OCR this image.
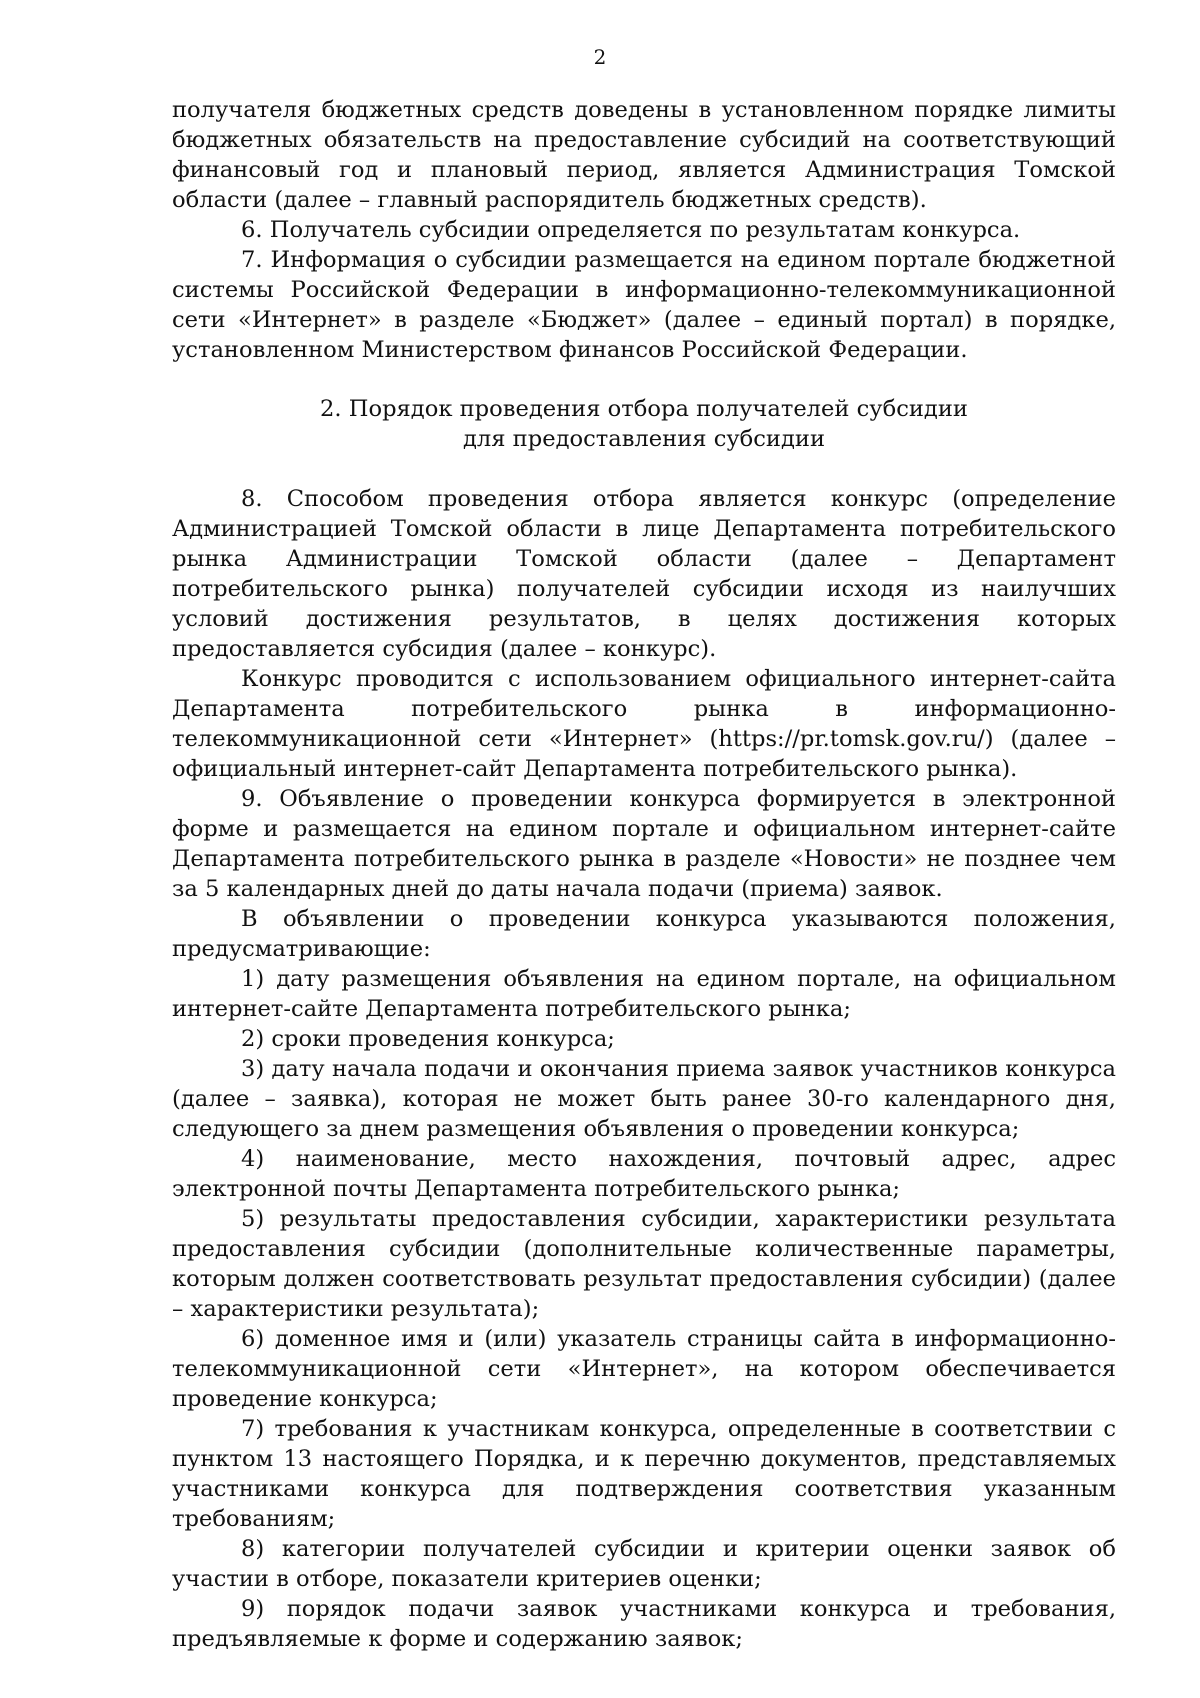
2

получателя бюджетных средств доведены в установленном порядке лимиты бюджетных обязательств на предоставление субсидий на соответствующий финансовый год и плановый период, является Администрация Томской области (далее – главный распорядитель бюджетных средств).

6. Получатель субсидии определяется по результатам конкурса.

7. Информация о субсидии размещается на едином портале бюджетной системы Российской Федерации в информационно-телекоммуникационной сети «Интернет» в разделе «Бюджет» (далее – единый портал) в порядке, установленном Министерством финансов Российской Федерации.

2. Порядок проведения отбора получателей субсидии
для предоставления субсидии

8. Способом проведения отбора является конкурс (определение Администрацией Томской области в лице Департамента потребительского рынка Администрации Томской области (далее – Департамент потребительского рынка) получателей субсидии исходя из наилучших условий достижения результатов, в целях достижения которых предоставляется субсидия (далее – конкурс).

Конкурс проводится с использованием официального интернет-сайта Департамента потребительского рынка в информационно-телекоммуникационной сети «Интернет» (https://pr.tomsk.gov.ru/) (далее – официальный интернет-сайт Департамента потребительского рынка).

9. Объявление о проведении конкурса формируется в электронной форме и размещается на едином портале и официальном интернет-сайте Департамента потребительского рынка в разделе «Новости» не позднее чем за 5 календарных дней до даты начала подачи (приема) заявок.

В объявлении о проведении конкурса указываются положения, предусматривающие:

1) дату размещения объявления на едином портале, на официальном интернет-сайте Департамента потребительского рынка;

2) сроки проведения конкурса;

3) дату начала подачи и окончания приема заявок участников конкурса (далее – заявка), которая не может быть ранее 30-го календарного дня, следующего за днем размещения объявления о проведении конкурса;

4) наименование, место нахождения, почтовый адрес, адрес электронной почты Департамента потребительского рынка;

5) результаты предоставления субсидии, характеристики результата предоставления субсидии (дополнительные количественные параметры, которым должен соответствовать результат предоставления субсидии) (далее – характеристики результата);

6) доменное имя и (или) указатель страницы сайта в информационно-телекоммуникационной сети «Интернет», на котором обеспечивается проведение конкурса;

7) требования к участникам конкурса, определенные в соответствии с пунктом 13 настоящего Порядка, и к перечню документов, представляемых участниками конкурса для подтверждения соответствия указанным требованиям;

8) категории получателей субсидии и критерии оценки заявок об участии в отборе, показатели критериев оценки;

9) порядок подачи заявок участниками конкурса и требования, предъявляемые к форме и содержанию заявок;
